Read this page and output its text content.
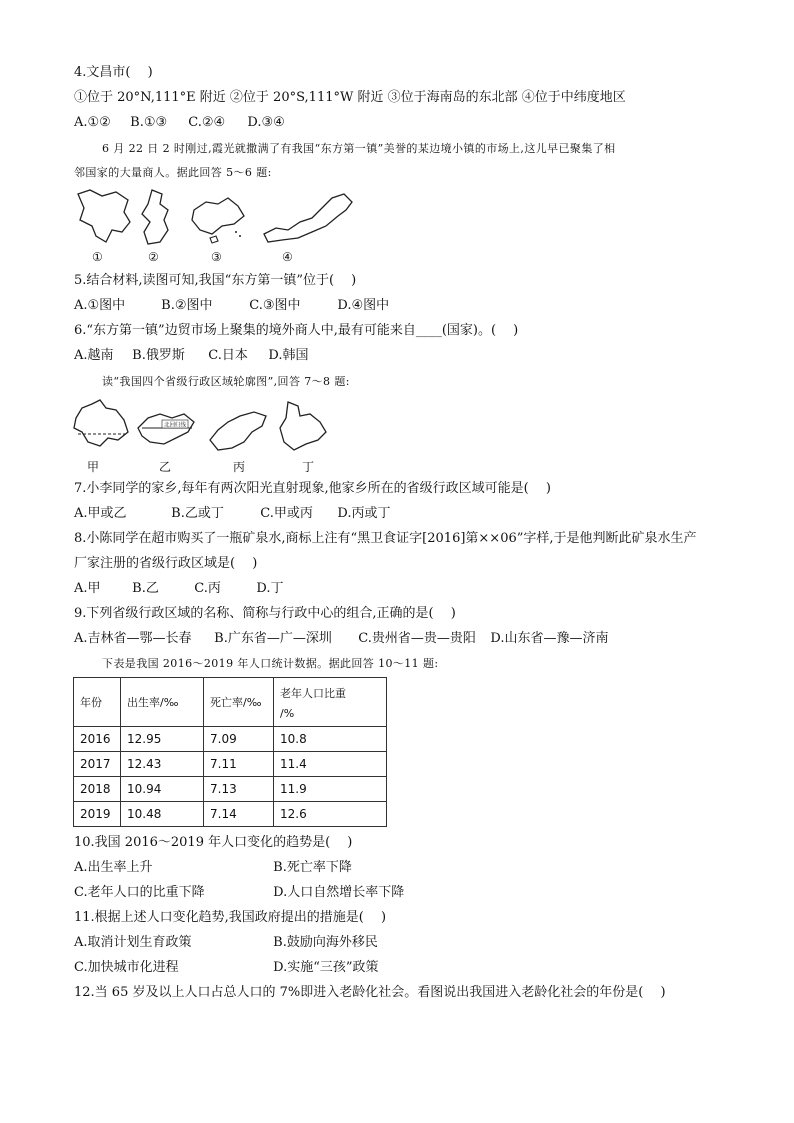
4.文昌市(　 )
①位于 20°N,111°E 附近 ②位于 20°S,111°W 附近 ③位于海南岛的东北部 ④位于中纬度地区
A.①② B.①③ C.②④ D.③④
6 月 22 日 2 时刚过,霞光就撒满了有我国“东方第一镇”美誉的某边境小镇的市场上,这儿早已聚集了相
邻国家的大量商人。据此回答 5～6 题:
①	②	③	④
5.结合材料,读图可知,我国“东方第一镇”位于(　 )
A.①图中	B.②图中	C.③图中	D.④图中
6.“东方第一镇”边贸市场上聚集的境外商人中,最有可能来自____(国家)。(　 )
A.越南 B.俄罗斯 C.日本 D.韩国
读“我国四个省级行政区域轮廓图”,回答 7～8 题:
北回归线
甲	乙	丙	丁
7.小李同学的家乡,每年有两次阳光直射现象,他家乡所在的省级行政区域可能是(　 )
A.甲或乙	B.乙或丁	C.甲或丙 D.丙或丁
8.小陈同学在超市购买了一瓶矿泉水,商标上注有“黑卫食证字[2016]第××06”字样,于是他判断此矿泉水生产
厂家注册的省级行政区域是(　 )
A.甲 B.乙	C.丙	D.丁
9.下列省级行政区域的名称、简称与行政中心的组合,正确的是(　 )
A.吉林省—鄂—长春 B.广东省—广—深圳 C.贵州省—贵—贵阳 D.山东省—豫—济南
下表是我国 2016～2019 年人口统计数据。据此回答 10～11 题:
年份	出生率/‰	死亡率/‰	老年人口比重
/%

2016	12.95	7.09	10.8
2017	12.43	7.11	11.4
2018	10.94	7.13	11.9
2019	10.48	7.14	12.6
10.我国 2016～2019 年人口变化的趋势是(　 )
A.出生率上升	B.死亡率下降
C.老年人口的比重下降	D.人口自然增长率下降
11.根据上述人口变化趋势,我国政府提出的措施是(　 )
A.取消计划生育政策	B.鼓励向海外移民
C.加快城市化进程	D.实施“三孩”政策
12.当 65 岁及以上人口占总人口的 7%即进入老龄化社会。看图说出我国进入老龄化社会的年份是(　 )
